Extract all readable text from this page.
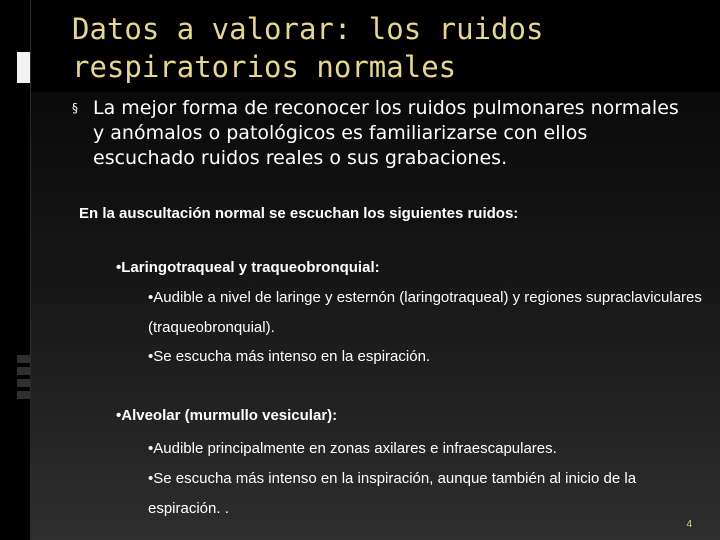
Datos a valorar: los ruidos respiratorios normales
§ La mejor forma de reconocer los ruidos pulmonares normales y anómalos o patológicos es familiarizarse con ellos escuchado ruidos reales o sus grabaciones.
En la auscultación normal se escuchan los siguientes ruidos:
•Laringotraqueal y traqueobronquial:
•Audible a nivel de laringe y esternón (laringotraqueal) y regiones supraclaviculares (traqueobronquial).
•Se escucha más intenso en la espiración.
•Alveolar (murmullo vesicular):
•Audible principalmente en zonas axilares e infraescapulares.
•Se escucha más intenso en la inspiración, aunque también al inicio de la espiración. .
4
